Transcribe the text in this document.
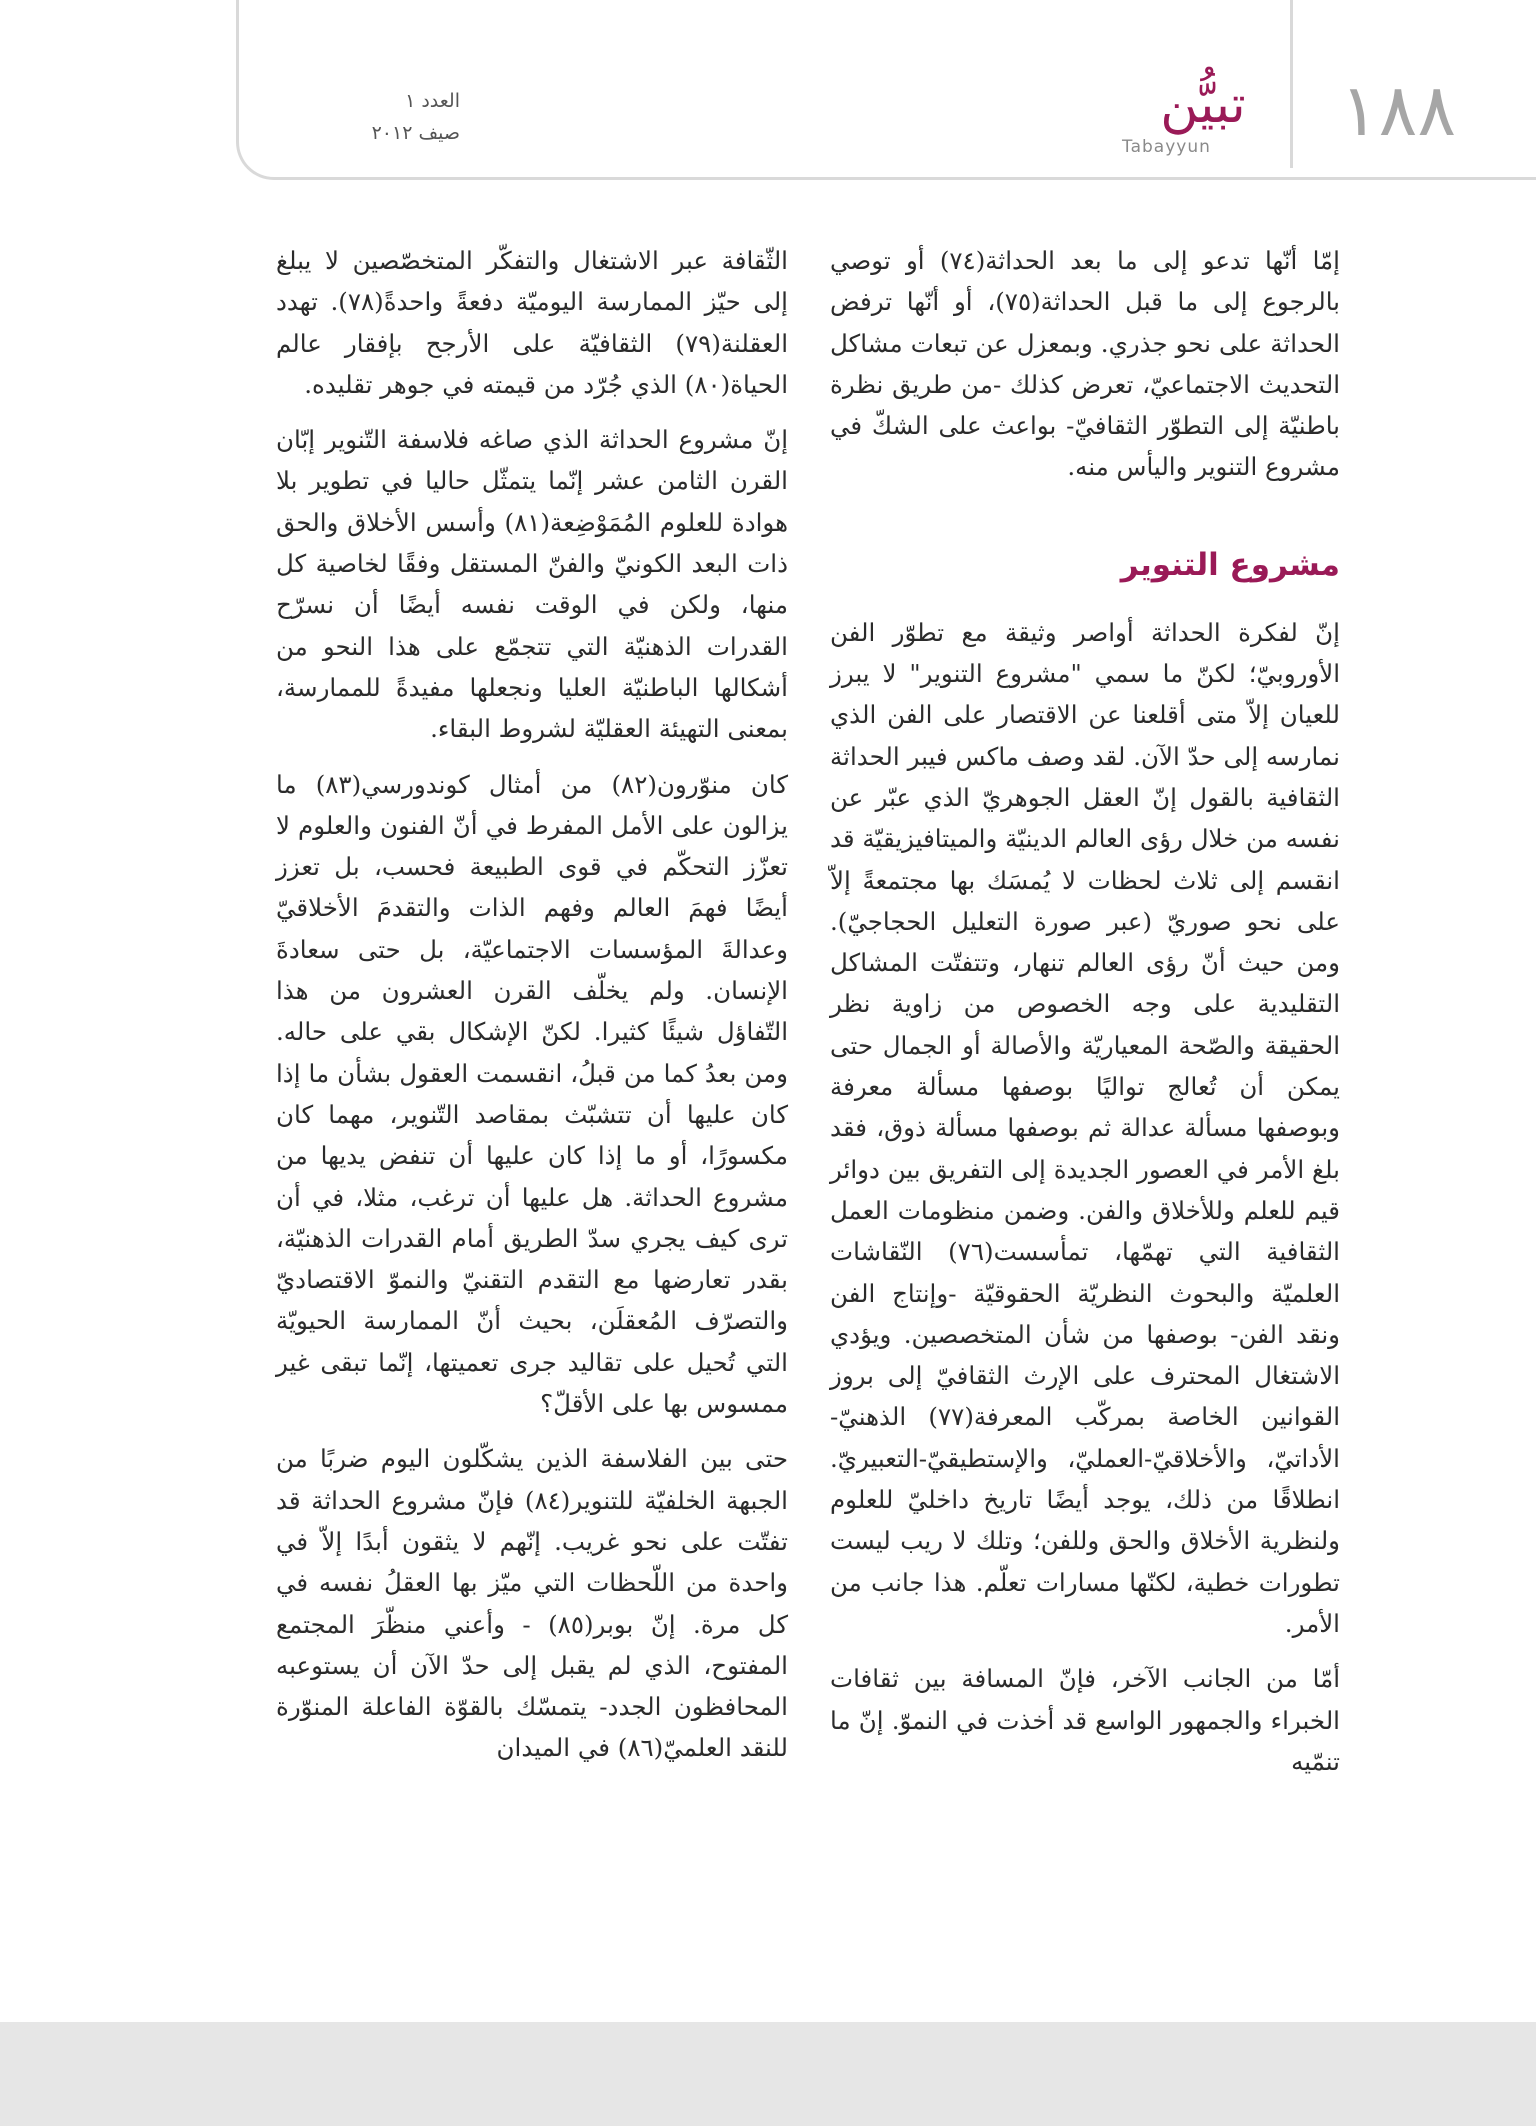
١٨٨
تبيُّن
Tabayyun
العدد ١
صيف ٢٠١٢

إمّا أنّها تدعو إلى ما بعد الحداثة(٧٤) أو توصي بالرجوع إلى ما قبل الحداثة(٧٥)، أو أنّها ترفض الحداثة على نحو جذري. وبمعزل عن تبعات مشاكل التحديث الاجتماعيّ، تعرض كذلك -من طريق نظرة باطنيّة إلى التطوّر الثقافيّ- بواعث على الشكّ في مشروع التنوير واليأس منه.

مشروع التنوير

إنّ لفكرة الحداثة أواصر وثيقة مع تطوّر الفن الأوروبيّ؛ لكنّ ما سمي "مشروع التنوير" لا يبرز للعيان إلاّ متى أقلعنا عن الاقتصار على الفن الذي نمارسه إلى حدّ الآن. لقد وصف ماكس فيبر الحداثة الثقافية بالقول إنّ العقل الجوهريّ الذي عبّر عن نفسه من خلال رؤى العالم الدينيّة والميتافيزيقيّة قد انقسم إلى ثلاث لحظات لا يُمسَك بها مجتمعةً إلاّ على نحو صوريّ (عبر صورة التعليل الحجاجيّ). ومن حيث أنّ رؤى العالم تنهار، وتتفتّت المشاكل التقليدية على وجه الخصوص من زاوية نظر الحقيقة والصّحة المعياريّة والأصالة أو الجمال حتى يمكن أن تُعالج تواليًا بوصفها مسألة معرفة وبوصفها مسألة عدالة ثم بوصفها مسألة ذوق، فقد بلغ الأمر في العصور الجديدة إلى التفريق بين دوائر قيم للعلم وللأخلاق والفن. وضمن منظومات العمل الثقافية التي تهمّها، تمأسست(٧٦) النّقاشات العلميّة والبحوث النظريّة الحقوقيّة -وإنتاج الفن ونقد الفن- بوصفها من شأن المتخصصين. ويؤدي الاشتغال المحترف على الإرث الثقافيّ إلى بروز القوانين الخاصة بمركّب المعرفة(٧٧) الذهنيّ-الأداتيّ، والأخلاقيّ-العمليّ، والإستطيقيّ-التعبيريّ. انطلاقًا من ذلك، يوجد أيضًا تاريخ داخليّ للعلوم ولنظرية الأخلاق والحق وللفن؛ وتلك لا ريب ليست تطورات خطية، لكنّها مسارات تعلّم. هذا جانب من الأمر.

أمّا من الجانب الآخر، فإنّ المسافة بين ثقافات الخبراء والجمهور الواسع قد أخذت في النموّ. إنّ ما تنمّيه

الثّقافة عبر الاشتغال والتفكّر المتخصّصين لا يبلغ إلى حيّز الممارسة اليوميّة دفعةً واحدةً(٧٨). تهدد العقلنة(٧٩) الثقافيّة على الأرجح بإفقار عالم الحياة(٨٠) الذي جُرّد من قيمته في جوهر تقليده.

إنّ مشروع الحداثة الذي صاغه فلاسفة التّنوير إبّان القرن الثامن عشر إنّما يتمثّل حاليا في تطوير بلا هوادة للعلوم المُمَوْضِعة(٨١) وأسس الأخلاق والحق ذات البعد الكونيّ والفنّ المستقل وفقًا لخاصية كل منها، ولكن في الوقت نفسه أيضًا أن نسرّح القدرات الذهنيّة التي تتجمّع على هذا النحو من أشكالها الباطنيّة العليا ونجعلها مفيدةً للممارسة، بمعنى التهيئة العقليّة لشروط البقاء.

كان منوّرون(٨٢) من أمثال كوندورسي(٨٣) ما يزالون على الأمل المفرط في أنّ الفنون والعلوم لا تعزّز التحكّم في قوى الطبيعة فحسب، بل تعزز أيضًا فهمَ العالم وفهم الذات والتقدمَ الأخلاقيّ وعدالةَ المؤسسات الاجتماعيّة، بل حتى سعادةَ الإنسان. ولم يخلّف القرن العشرون من هذا التّفاؤل شيئًا كثيرا. لكنّ الإشكال بقي على حاله. ومن بعدُ كما من قبلُ، انقسمت العقول بشأن ما إذا كان عليها أن تتشبّث بمقاصد التّنوير، مهما كان مكسورًا، أو ما إذا كان عليها أن تنفض يديها من مشروع الحداثة. هل عليها أن ترغب، مثلا، في أن ترى كيف يجري سدّ الطريق أمام القدرات الذهنيّة، بقدر تعارضها مع التقدم التقنيّ والنموّ الاقتصاديّ والتصرّف المُعقلَن، بحيث أنّ الممارسة الحيويّة التي تُحيل على تقاليد جرى تعميتها، إنّما تبقى غير ممسوس بها على الأقلّ؟

حتى بين الفلاسفة الذين يشكّلون اليوم ضربًا من الجبهة الخلفيّة للتنوير(٨٤) فإنّ مشروع الحداثة قد تفتّت على نحو غريب. إنّهم لا يثقون أبدًا إلاّ في واحدة من اللّحظات التي ميّز بها العقلُ نفسه في كل مرة. إنّ بوبر(٨٥) - وأعني منظّرَ المجتمع المفتوح، الذي لم يقبل إلى حدّ الآن أن يستوعبه المحافظون الجدد- يتمسّك بالقوّة الفاعلة المنوّرة للنقد العلميّ(٨٦) في الميدان
